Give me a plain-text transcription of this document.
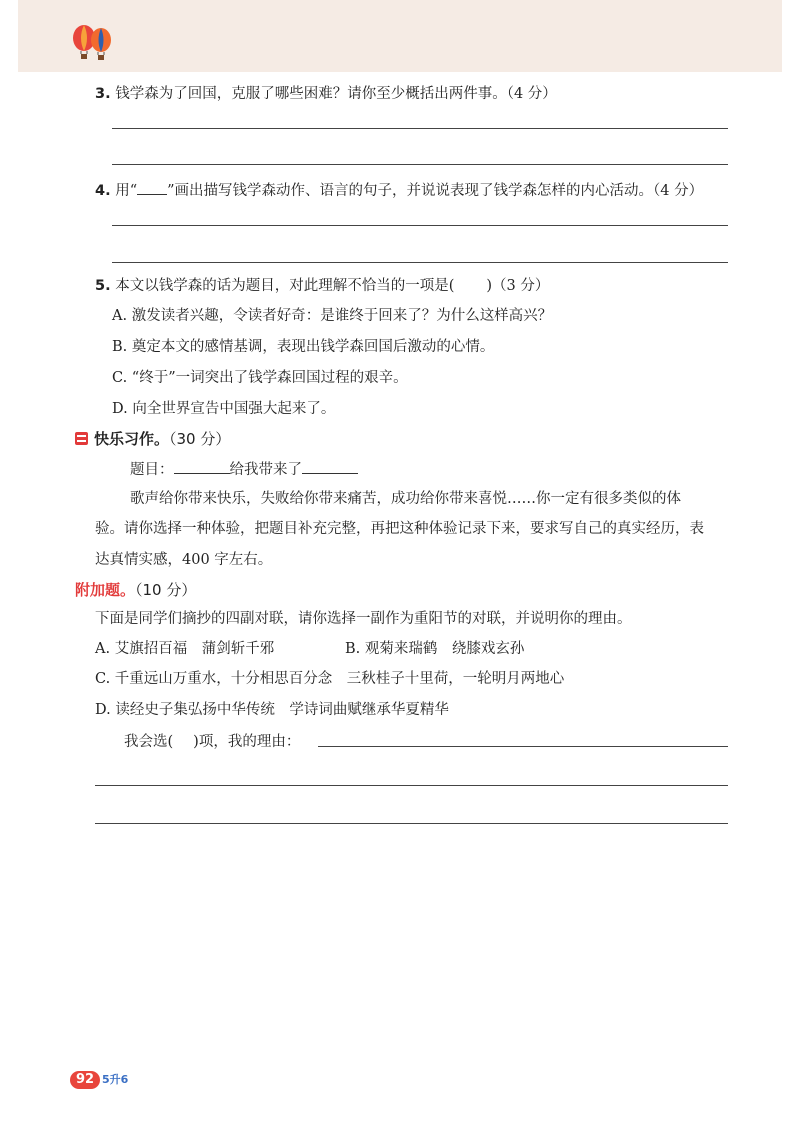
3. 钱学森为了回国，克服了哪些困难？请你至少概括出两件事。（4 分）
4. 用“ ”画出描写钱学森动作、语言的句子，并说说表现了钱学森怎样的内心活动。（4 分）
5. 本文以钱学森的话为题目，对此理解不恰当的一项是( )（3 分）
A. 激发读者兴趣，令读者好奇：是谁终于回来了？为什么这样高兴？
B. 奠定本文的感情基调，表现出钱学森回国后激动的心情。
C. “终于”一词突出了钱学森回国过程的艰辛。
D. 向全世界宣告中国强大起来了。
快乐习作。（30 分）
题目：	给我带来了
歌声给你带来快乐，失败给你带来痛苦，成功给你带来喜悦……你一定有很多类似的体
验。请你选择一种体验，把题目补充完整，再把这种体验记录下来，要求写自己的真实经历，表
达真情实感，400 字左右。
附加题。（10 分）
下面是同学们摘抄的四副对联，请你选择一副作为重阳节的对联，并说明你的理由。
A. 艾旗招百福　蒲剑斩千邪	B. 观菊来瑞鹤　绕膝戏玄孙
C. 千重远山万重水，十分相思百分念　三秋桂子十里荷，一轮明月两地心
D. 读经史子集弘扬中华传统　学诗词曲赋继承华夏精华
我会选( )项，我的理由：
92 5升6
